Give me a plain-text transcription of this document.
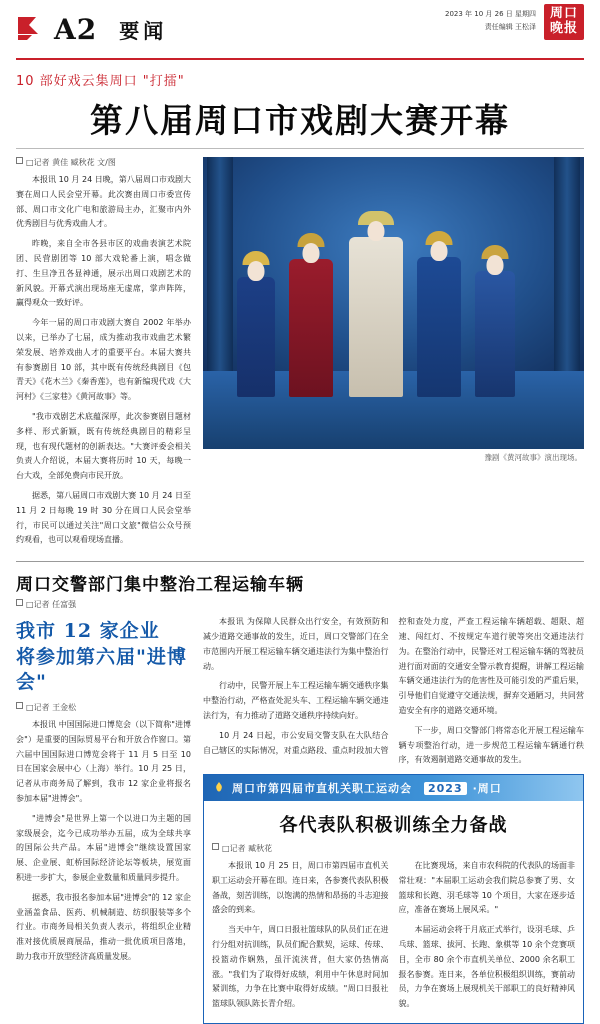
A2 要闻
2023 年 10 月 26 日 星期四
责任编辑 王松泽
周口
晚报
10 部好戏云集周口 "打擂"
第八届周口市戏剧大赛开幕
□记者 黄佳 臧秋花 文/图

本报讯 10 月 24 日晚，第八届周口市戏剧大赛在周口人民会堂开幕。此次赛由周口市委宣传部、周口市文化广电和旅游局主办，汇聚市内外优秀剧目与优秀戏曲人才。

昨晚，来自全市各县市区的戏曲表演艺术院团、民营剧团等 10 部大戏轮番上演，唱念做打、生旦净丑各显神通，展示出周口戏剧艺术的新风貌。开幕式演出现场座无虚席，掌声阵阵，赢得观众一致好评。

今年一届的周口市戏剧大赛自 2002 年举办以来，已举办了七届，成为推动我市戏曲艺术繁荣发展、培养戏曲人才的重要平台。本届大赛共有参赛剧目 10 部，其中既有传统经典剧目《包青天》《花木兰》《秦香莲》，也有新编现代戏《大河村》《三家巷》《黄河故事》等。

"我市戏剧艺术底蕴深厚，此次参赛剧目题材多样、形式新颖，既有传统经典剧目的精彩呈现，也有现代题材的创新表达。"大赛评委会相关负责人介绍说，本届大赛将历时 10 天，每晚一台大戏，全部免费向市民开放。

据悉，第八届周口市戏剧大赛 10 月 24 日至 11 月 2 日每晚 19 时 30 分在周口人民会堂举行，市民可以通过关注"周口文旅"微信公众号预约观看，也可以观看现场直播。

豫剧《黄河故事》演出现场。
周口交警部门集中整治工程运输车辆
□记者 任富强
我市 12 家企业
将参加第六届"进博会"
□记者 王金松

本报讯 中国国际进口博览会（以下简称"进博会"）是重要的国际贸易平台和开放合作窗口。第六届中国国际进口博览会将于 11 月 5 日至 10 日在国家会展中心（上海）举行。10 月 25 日，记者从市商务局了解到，我市 12 家企业将报名参加本届"进博会"。

"进博会"是世界上第一个以进口为主题的国家级展会，迄今已成功举办五届，成为全球共享的国际公共产品。本届"进博会"继续设置国家展、企业展、虹桥国际经济论坛等板块，展览面积进一步扩大，参展企业数量和质量同步提升。

据悉，我市报名参加本届"进博会"的 12 家企业涵盖食品、医药、机械制造、纺织服装等多个行业。市商务局相关负责人表示，将组织企业精准对接优质展商展品，推动一批优质项目落地，助力我市开放型经济高质量发展。

本报讯 为保障人民群众出行安全，有效预防和减少道路交通事故的发生，近日，周口交警部门在全市范围内开展工程运输车辆交通违法行为集中整治行动。

行动中，民警开展上车工程运输车辆交通秩序集中整治行动，严格查处泥头车、工程运输车辆交通违法行为，有力推动了道路交通秩序持续向好。

10 月 24 日起，市公安局交警支队在大队结合自己辖区的实际情况，对重点路段、重点时段加大管控和查处力度，严查工程运输车辆超载、超限、超速、闯红灯、不按规定车道行驶等突出交通违法行为。在整治行动中，民警还对工程运输车辆的驾驶员进行面对面的交通安全警示教育提醒，讲解工程运输车辆交通违法行为的危害性及可能引发的严重后果，引导他们自觉遵守交通法规，摒弃交通陋习，共同营造安全有序的道路交通环境。

下一步，周口交警部门将常态化开展工程运输车辆专项整治行动，进一步规范工程运输车辆通行秩序，有效遏制道路交通事故的发生。

周口市第四届市直机关职工运动会	2023 ·周口
各代表队积极训练全力备战
□记者 臧秋花

本报讯 10 月 25 日，周口市第四届市直机关职工运动会开幕在即。连日来，各参赛代表队积极备战，刻苦训练，以饱满的热情和昂扬的斗志迎接盛会的到来。

当天中午，周口日报社篮球队的队员们正在进行分组对抗训练，队员们配合默契，运球、传球、投篮动作娴熟，虽汗流浃背，但大家仍热情高涨。"我们为了取得好成绩，利用中午休息时间加紧训练，力争在比赛中取得好成绩。"周口日报社篮球队领队陈长青介绍。

在比赛现场，来自市农科院的代表队的场面非常壮观："本届职工运动会我们院总参赛了男、女篮球和长跑、羽毛球等 10 个项目，大家在逐步适应，准备在赛场上展风采。"

本届运动会将于月底正式举行，设羽毛球、乒乓球、篮球、拔河、长跑、象棋等 10 余个竞赛项目，全市 80 余个市直机关单位、2000 余名职工报名参赛。连日来，各单位积极组织训练，赛前动员，力争在赛场上展现机关干部职工的良好精神风貌。
